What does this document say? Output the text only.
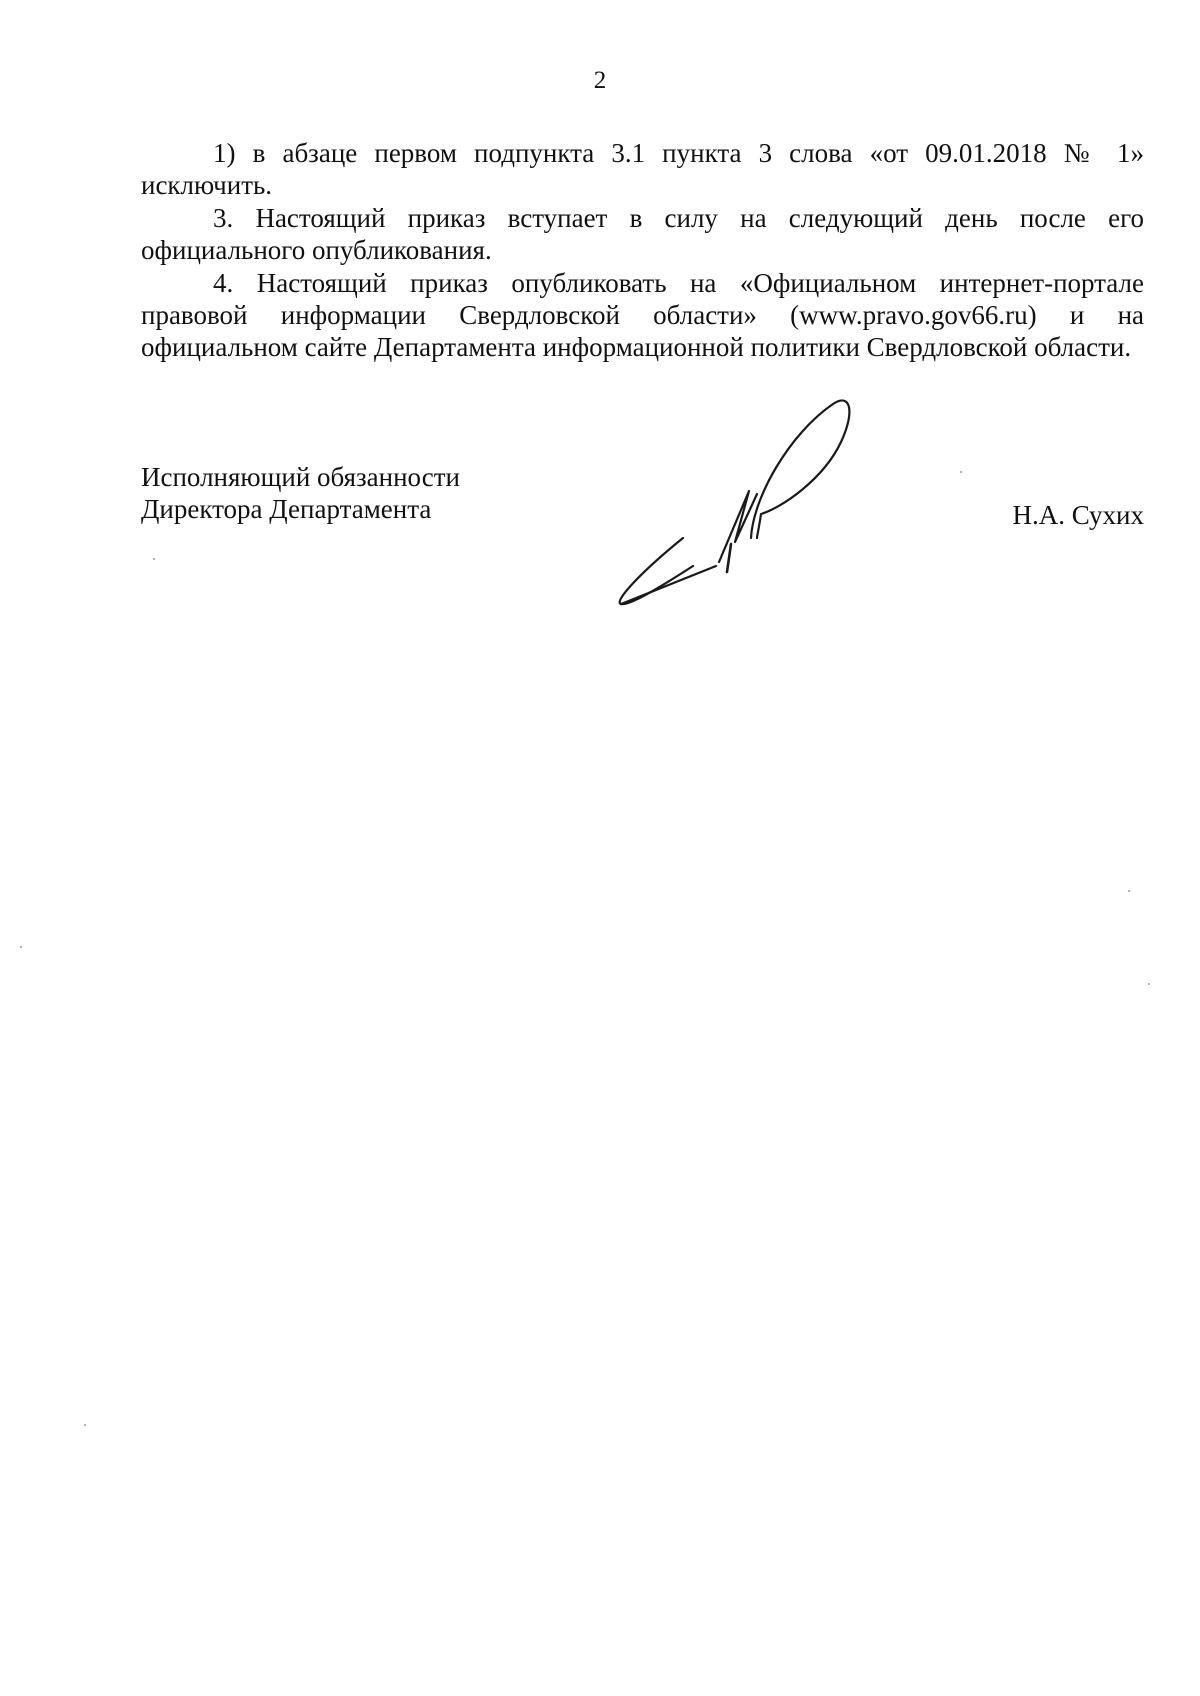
2

1) в абзаце первом подпункта 3.1 пункта 3 слова «от 09.01.2018 № 1» исключить.

3. Настоящий приказ вступает в силу на следующий день после его официального опубликования.

4. Настоящий приказ опубликовать на «Официальном интернет-портале правовой информации Свердловской области» (www.pravo.gov66.ru) и на официальном сайте Департамента информационной политики Свердловской области.

Исполняющий обязанности
Директора Департамента	Н.А. Сухих
